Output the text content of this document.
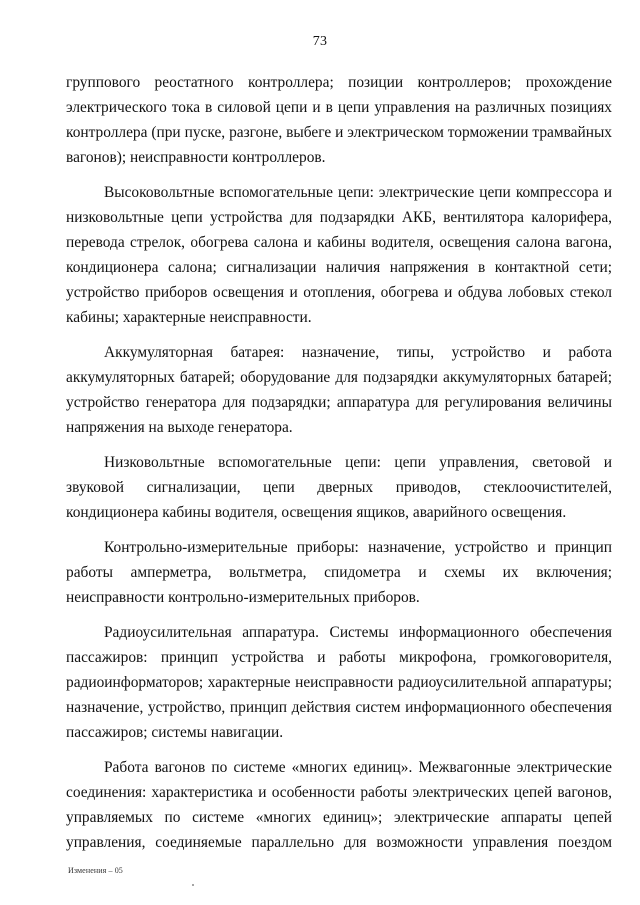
73

группового реостатного контроллера; позиции контроллеров; прохождение электрического тока в силовой цепи и в цепи управления на различных позициях контроллера (при пуске, разгоне, выбеге и электрическом торможении трамвайных вагонов); неисправности контроллеров.

Высоковольтные вспомогательные цепи: электрические цепи компрессора и низковольтные цепи устройства для подзарядки АКБ, вентилятора калорифера, перевода стрелок, обогрева салона и кабины водителя, освещения салона вагона, кондиционера салона; сигнализации наличия напряжения в контактной сети; устройство приборов освещения и отопления, обогрева и обдува лобовых стекол кабины; характерные неисправности.

Аккумуляторная батарея: назначение, типы, устройство и работа аккумуляторных батарей; оборудование для подзарядки аккумуляторных батарей; устройство генератора для подзарядки; аппаратура для регулирования величины напряжения на выходе генератора.

Низковольтные вспомогательные цепи: цепи управления, световой и звуковой сигнализации, цепи дверных приводов, стеклоочистителей, кондиционера кабины водителя, освещения ящиков, аварийного освещения.

Контрольно-измерительные приборы: назначение, устройство и принцип работы амперметра, вольтметра, спидометра и схемы их включения; неисправности контрольно-измерительных приборов.

Радиоусилительная аппаратура. Системы информационного обеспечения пассажиров: принцип устройства и работы микрофона, громкоговорителя, радиоинформаторов; характерные неисправности радиоусилительной аппаратуры; назначение, устройство, принцип действия систем информационного обеспечения пассажиров; системы навигации.

Работа вагонов по системе «многих единиц». Межвагонные электрические соединения: характеристика и особенности работы электрических цепей вагонов, управляемых по системе «многих единиц»; электрические аппараты цепей управления, соединяемые параллельно для возможности управления поездом

Изменения – 05
